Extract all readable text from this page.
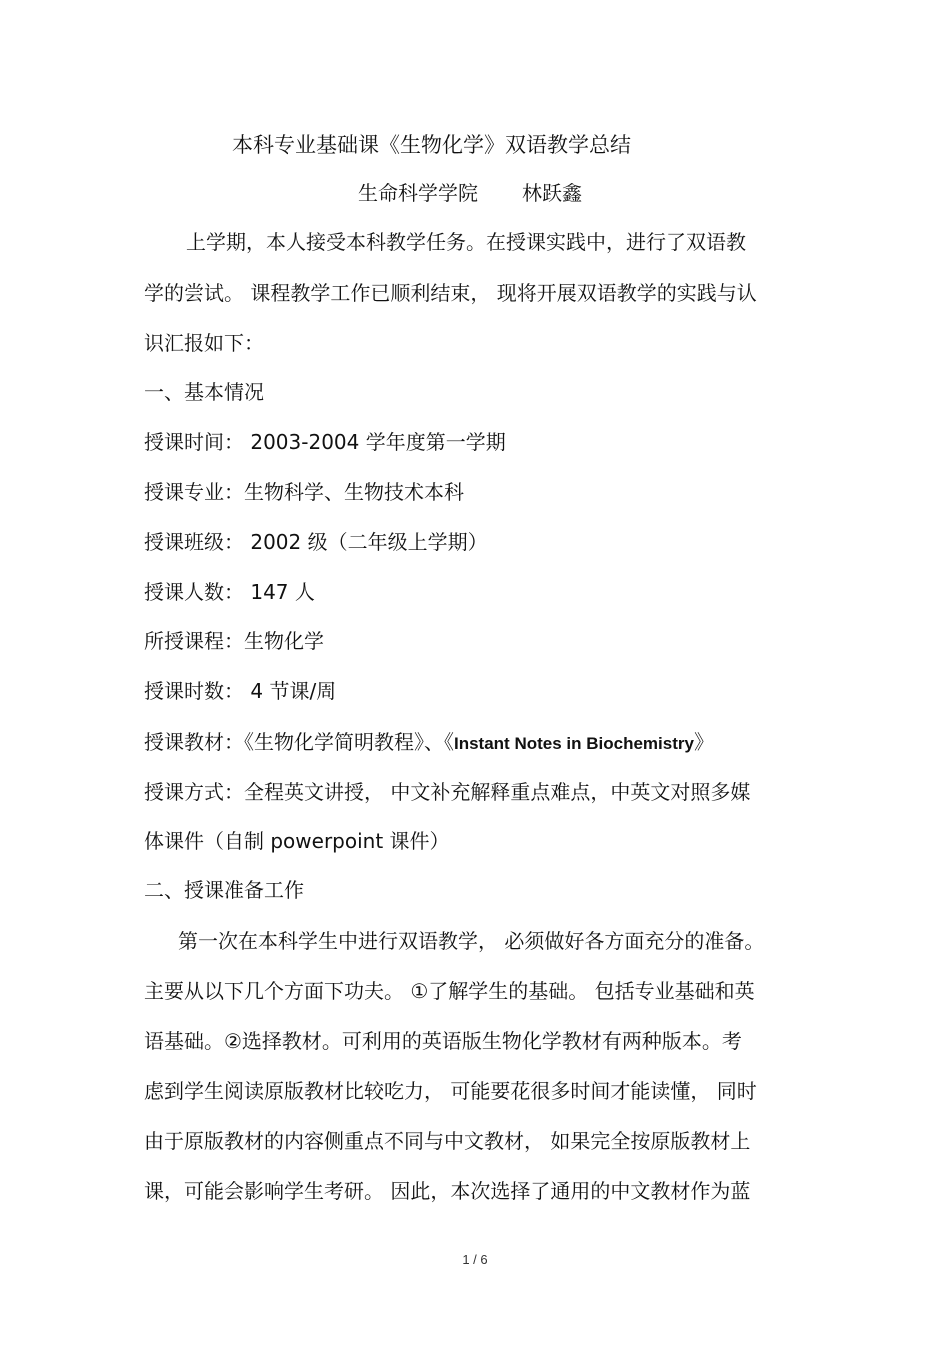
本科专业基础课《生物化学》双语教学总结
生命科学学院 林跃鑫
上学期，本人接受本科教学任务。在授课实践中，进行了双语教
学的尝试。 课程教学工作已顺利结束， 现将开展双语教学的实践与认
识汇报如下：
一、基本情况
授课时间： 2003-2004 学年度第一学期
授课专业：生物科学、生物技术本科
授课班级： 2002 级（二年级上学期）
授课人数： 147 人
所授课程：生物化学
授课时数： 4 节课/周
授课教材：《生物化学简明教程》、《Instant Notes in Biochemistry》
授课方式：全程英文讲授， 中文补充解释重点难点，中英文对照多媒
体课件（自制 powerpoint 课件）
二、授课准备工作
第一次在本科学生中进行双语教学， 必须做好各方面充分的准备。
主要从以下几个方面下功夫。 ①了解学生的基础。 包括专业基础和英
语基础。②选择教材。可利用的英语版生物化学教材有两种版本。考
虑到学生阅读原版教材比较吃力， 可能要花很多时间才能读懂， 同时
由于原版教材的内容侧重点不同与中文教材， 如果完全按原版教材上
课，可能会影响学生考研。 因此，本次选择了通用的中文教材作为蓝
1 / 6
